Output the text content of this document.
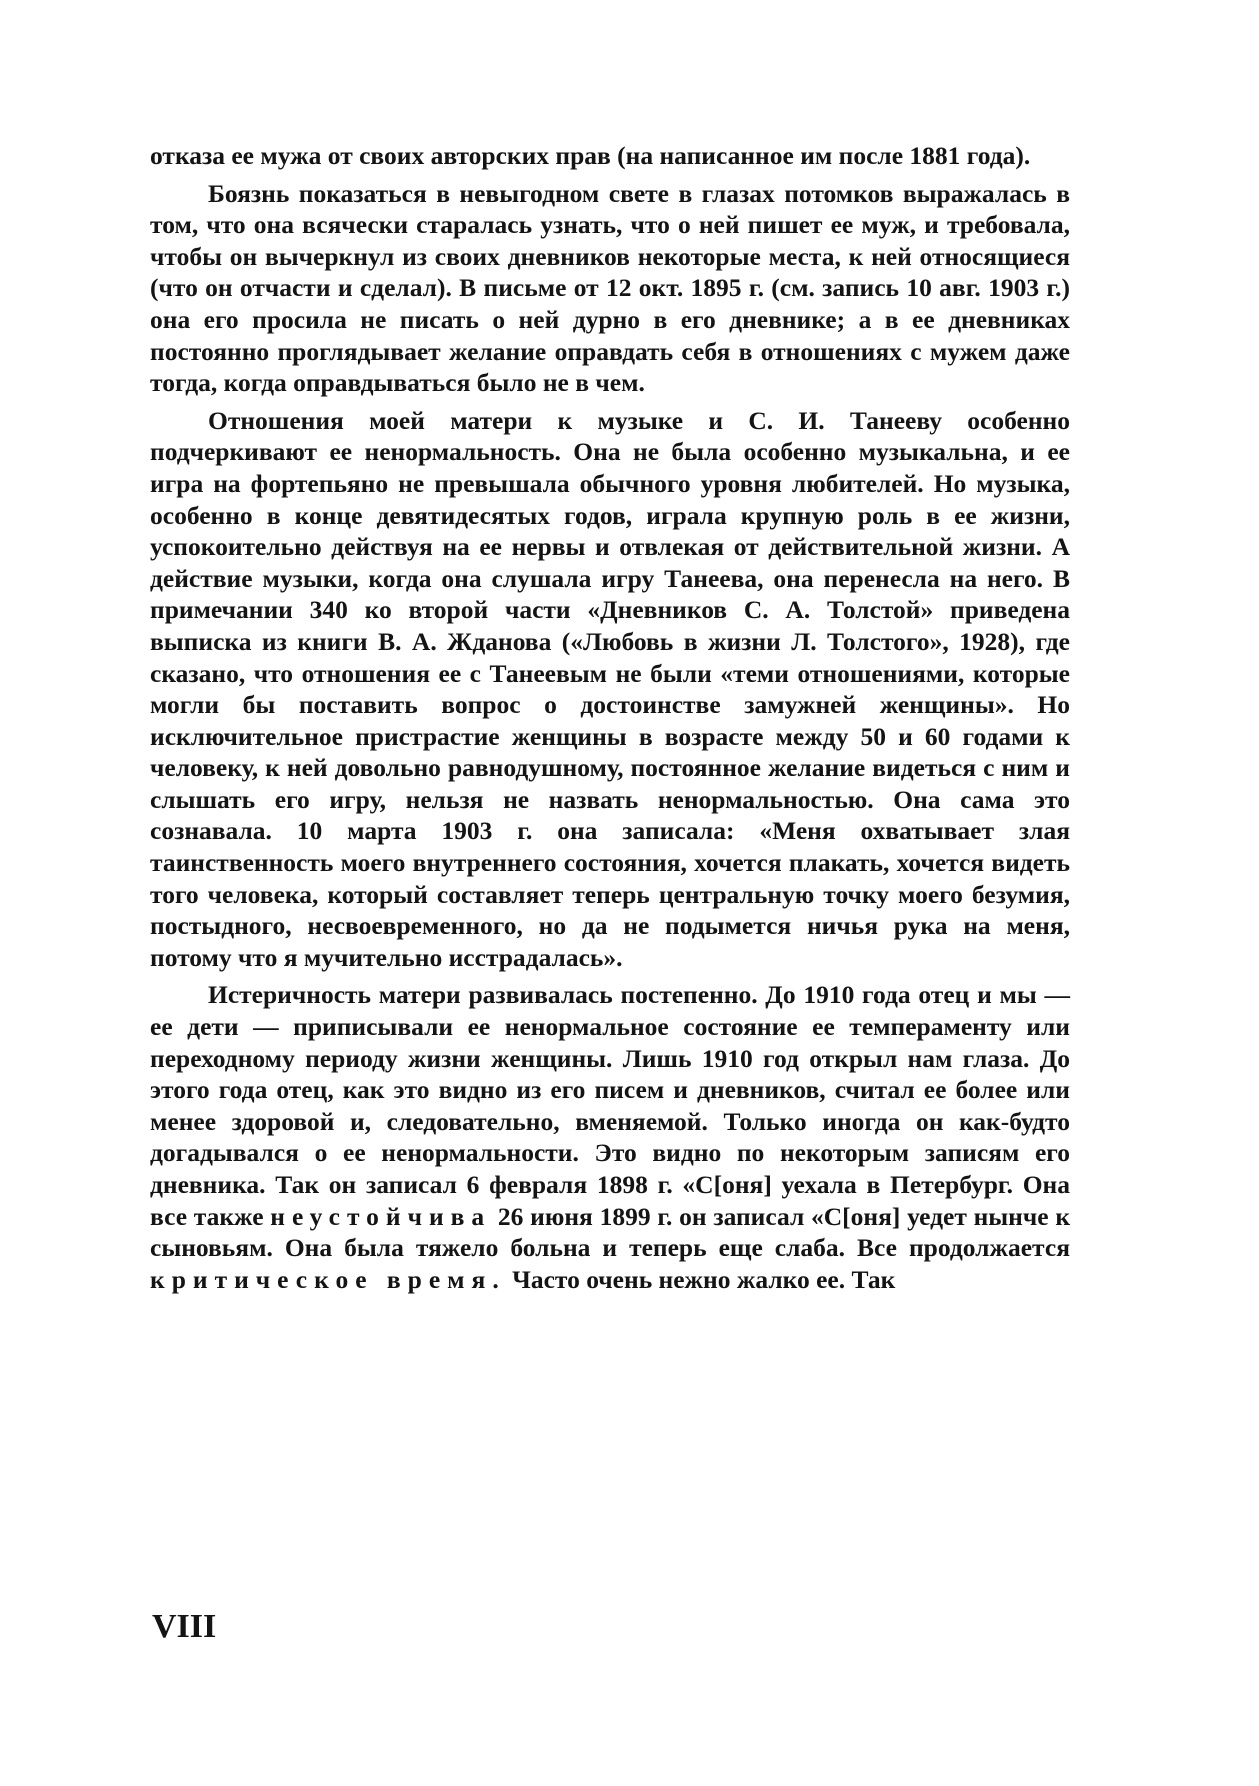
отказа ее мужа от своих авторских прав (на написанное им после 1881 года).

Боязнь показаться в невыгодном свете в глазах потомков выражалась в том, что она всячески старалась узнать, что о ней пишет ее муж, и требовала, чтобы он вычеркнул из своих дневников некоторые места, к ней относящиеся (что он отчасти и сделал). В письме от 12 окт. 1895 г. (см. запись 10 авг. 1903 г.) она его просила не писать о ней дурно в его дневнике; а в ее дневниках постоянно проглядывает желание оправдать себя в отношениях с мужем даже тогда, когда оправдываться было не в чем.

Отношения моей матери к музыке и С. И. Танееву особенно подчеркивают ее ненормальность. Она не была особенно музыкальна, и ее игра на фортепьяно не превышала обычного уровня любителей. Но музыка, особенно в конце девятидесятых годов, играла крупную роль в ее жизни, успокоительно действуя на ее нервы и отвлекая от действительной жизни. А действие музыки, когда она слушала игру Танеева, она перенесла на него. В примечании 340 ко второй части «Дневников С. А. Толстой» приведена выписка из книги В. А. Жданова («Любовь в жизни Л. Толстого», 1928), где сказано, что отношения ее с Танеевым не были «теми отношениями, которые могли бы поставить вопрос о достоинстве замужней женщины». Но исключительное пристрастие женщины в возрасте между 50 и 60 годами к человеку, к ней довольно равнодушному, постоянное желание видеться с ним и слышать его игру, нельзя не назвать ненормальностью. Она сама это сознавала. 10 марта 1903 г. она записала: «Меня охватывает злая таинственность моего внутреннего состояния, хочется плакать, хочется видеть того человека, который составляет теперь центральную точку моего безумия, постыдного, несвоевременного, но да не подымется ничья рука на меня, потому что я мучительно исстрадалась».

Истеричность матери развивалась постепенно. До 1910 года отец и мы — ее дети — приписывали ее ненормальное состояние ее темпераменту или переходному периоду жизни женщины. Лишь 1910 год открыл нам глаза. До этого года отец, как это видно из его писем и дневников, считал ее более или менее здоровой и, следовательно, вменяемой. Только иногда он как-будто догадывался о ее ненормальности. Это видно по некоторым записям его дневника. Так он записал 6 февраля 1898 г. «С[оня] уехала в Петербург. Она все также неустойчива 26 июня 1899 г. он записал «С[оня] уедет нынче к сыновьям. Она была тяжело больна и теперь еще слаба. Все продолжается критическое время. Часто очень нежно жалко ее. Так

VIII
